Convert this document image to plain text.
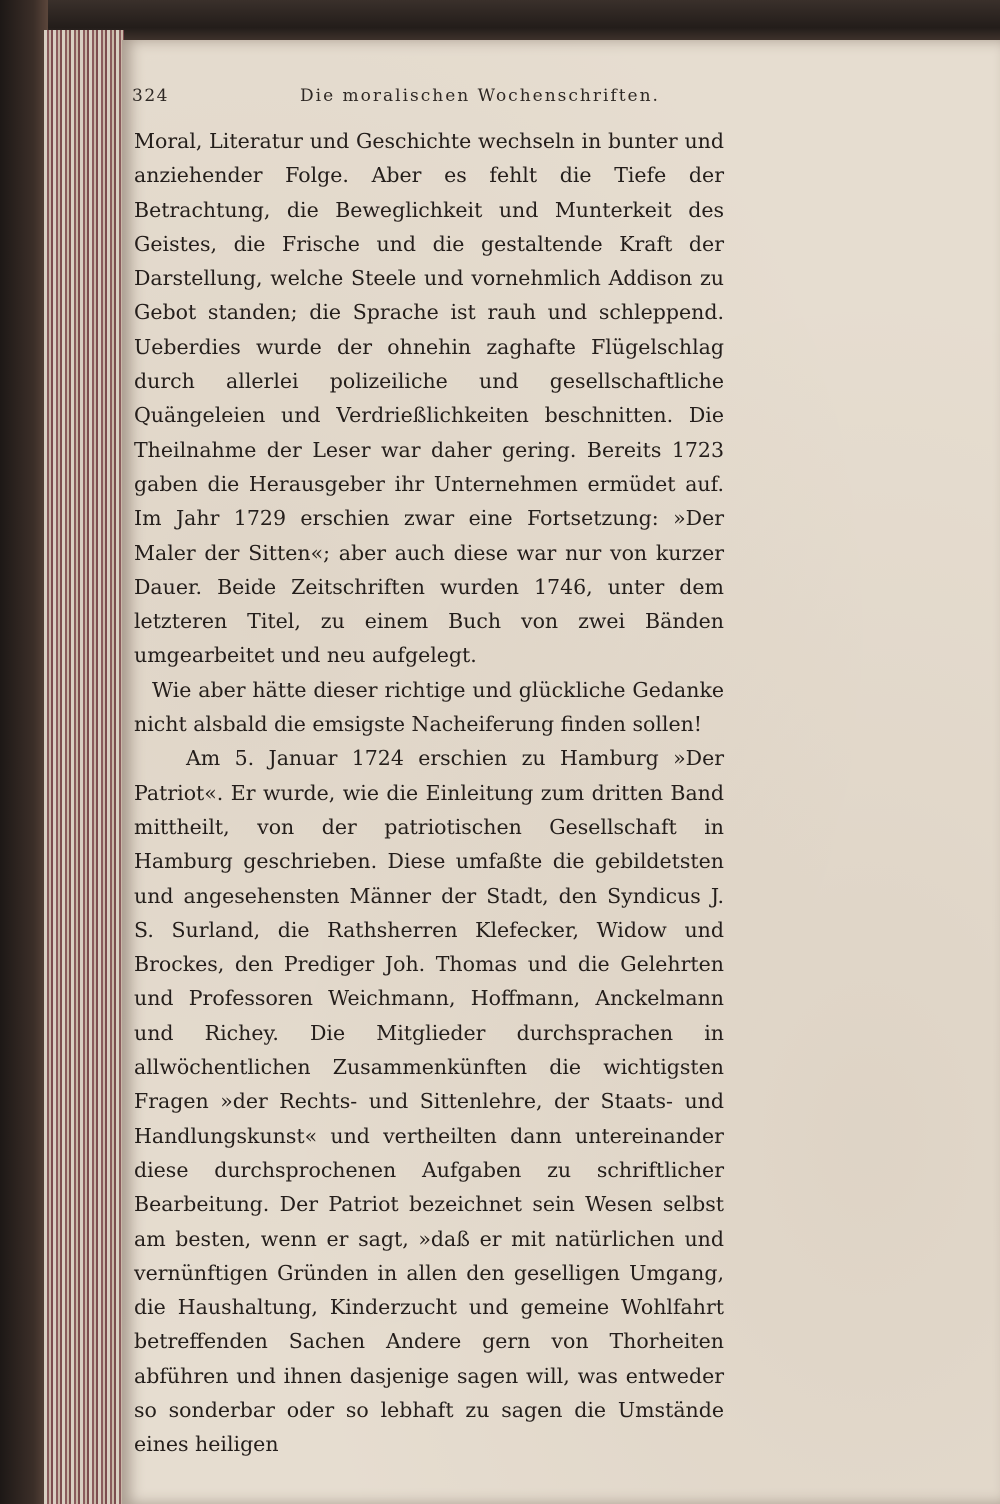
324	Die moralischen Wochenschriften.

Moral, Literatur und Geschichte wechseln in bunter und anziehender Folge. Aber es fehlt die Tiefe der Betrachtung, die Beweglichkeit und Munterkeit des Geistes, die Frische und die gestaltende Kraft der Darstellung, welche Steele und vornehmlich Addison zu Gebot standen; die Sprache ist rauh und schleppend. Ueberdies wurde der ohnehin zaghafte Flügelschlag durch allerlei polizeiliche und gesellschaftliche Quängeleien und Verdrießlichkeiten beschnitten. Die Theilnahme der Leser war daher gering. Bereits 1723 gaben die Herausgeber ihr Unternehmen ermüdet auf. Im Jahr 1729 erschien zwar eine Fortsetzung: »Der Maler der Sitten«; aber auch diese war nur von kurzer Dauer. Beide Zeitschriften wurden 1746, unter dem letzteren Titel, zu einem Buch von zwei Bänden umgearbeitet und neu aufgelegt.

Wie aber hätte dieser richtige und glückliche Gedanke nicht alsbald die emsigste Nacheiferung finden sollen!

Am 5. Januar 1724 erschien zu Hamburg »Der Patriot«. Er wurde, wie die Einleitung zum dritten Band mittheilt, von der patriotischen Gesellschaft in Hamburg geschrieben. Diese umfaßte die gebildetsten und angesehensten Männer der Stadt, den Syndicus J. S. Surland, die Rathsherren Klefecker, Widow und Brockes, den Prediger Joh. Thomas und die Gelehrten und Professoren Weichmann, Hoffmann, Anckelmann und Richey. Die Mitglieder durchsprachen in allwöchentlichen Zusammenkünften die wichtigsten Fragen »der Rechts- und Sittenlehre, der Staats- und Handlungskunst« und vertheilten dann untereinander diese durchsprochenen Aufgaben zu schriftlicher Bearbeitung. Der Patriot bezeichnet sein Wesen selbst am besten, wenn er sagt, »daß er mit natürlichen und vernünftigen Gründen in allen den geselligen Umgang, die Haushaltung, Kinderzucht und gemeine Wohlfahrt betreffenden Sachen Andere gern von Thorheiten abführen und ihnen dasjenige sagen will, was entweder so sonderbar oder so lebhaft zu sagen die Umstände eines heiligen
